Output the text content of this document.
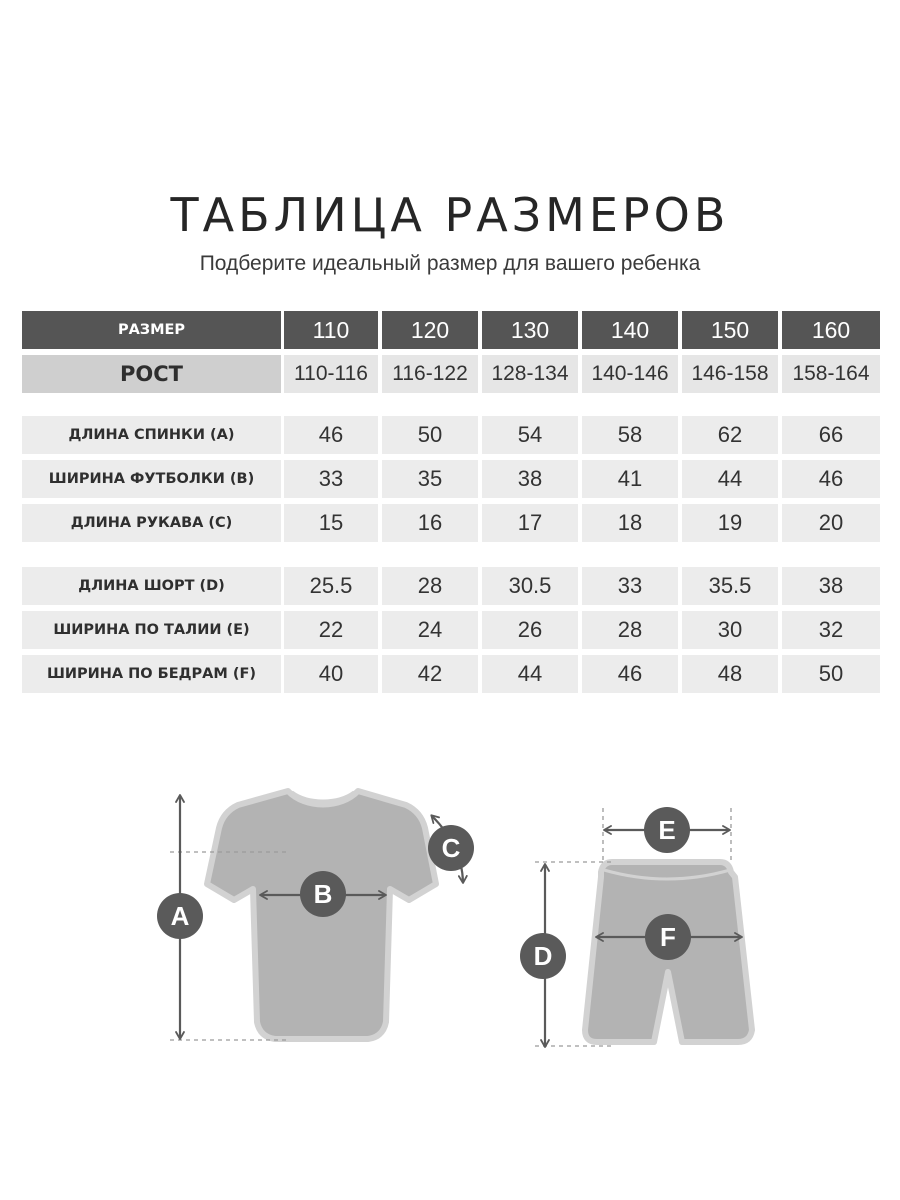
ТАБЛИЦА РАЗМЕРОВ
Подберите идеальный размер для вашего ребенка
РАЗМЕР	110	120	130	140	150	160
РОСТ	110-116	116-122	128-134	140-146	146-158	158-164
ДЛИНА СПИНКИ (A)	46	50	54	58	62	66
ШИРИНА ФУТБОЛКИ (B)	33	35	38	41	44	46
ДЛИНА РУКАВА (C)	15	16	17	18	19	20
ДЛИНА ШОРТ (D)	25.5	28	30.5	33	35.5	38
ШИРИНА ПО ТАЛИИ (E)	22	24	26	28	30	32
ШИРИНА ПО БЕДРАМ (F)	40	42	44	46	48	50
A
B
C
D
E
F
